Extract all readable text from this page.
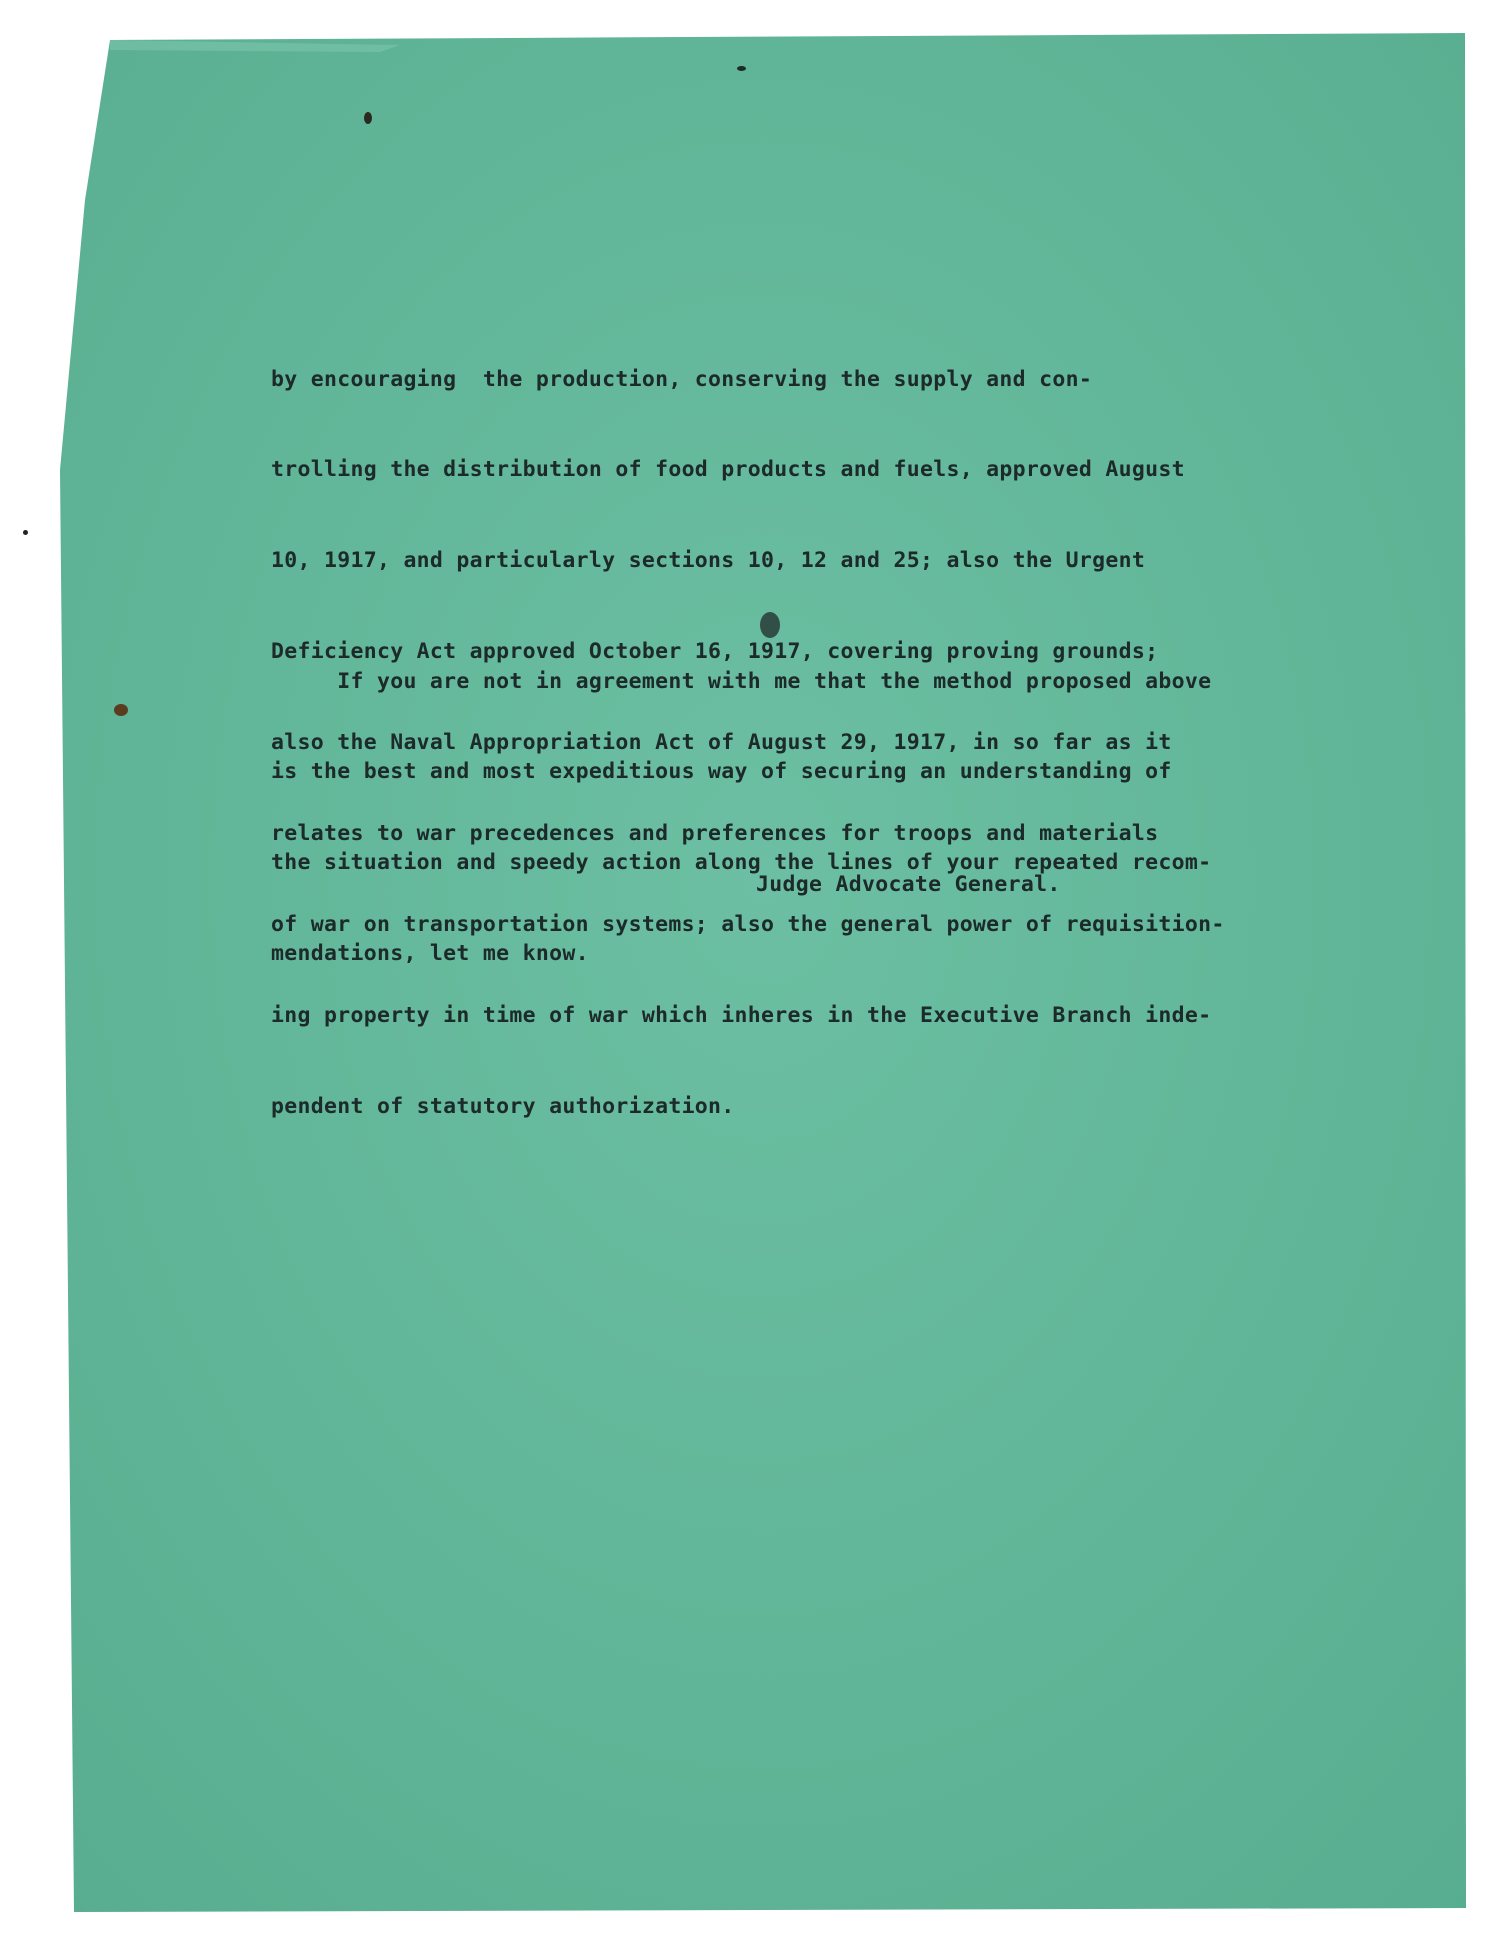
by encouraging  the production, conserving the supply and con-

trolling the distribution of food products and fuels, approved August

10, 1917, and particularly sections 10, 12 and 25; also the Urgent

Deficiency Act approved October 16, 1917, covering proving grounds;

also the Naval Appropriation Act of August 29, 1917, in so far as it

relates to war precedences and preferences for troops and materials

of war on transportation systems; also the general power of requisition-

ing property in time of war which inheres in the Executive Branch inde-

pendent of statutory authorization.

If you are not in agreement with me that the method proposed above

is the best and most expeditious way of securing an understanding of

the situation and speedy action along the lines of your repeated recom-

mendations, let me know.

Judge Advocate General.
